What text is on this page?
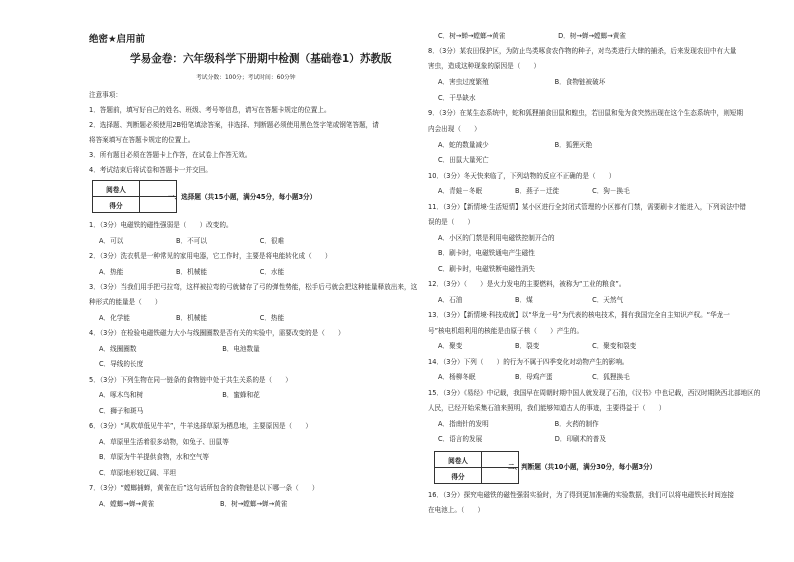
绝密★启用前
学易金卷：六年级科学下册期中检测（基础卷1）苏教版
考试分数：100分；考试时间：60分钟
注意事项：
1．答题前，填写好自己的姓名、班级、考号等信息，请写在答题卡规定的位置上。
2．选择题、判断题必须使用2B铅笔填涂答案，非选择、判断题必须使用黑色签字笔或钢笔答题，请
将答案填写在答题卡规定的位置上。
3．所有题目必须在答题卡上作答，在试卷上作答无效。
4．考试结束后将试卷和答题卡一并交回。
阅卷人	
得分	
一、选择题（共15小题，满分45分，每小题3分）
1．（3分）电磁铁的磁性强弱是（　　）改变的。
A．可以　　　　　　　　B．不可以　　　　　　　　C．很难
2．（3分）洗衣机是一种常见的家用电器，它工作时，主要是将电能转化成（　　）
A．热能　　　　　　　　B．机械能　　　　　　　　C．水能
3．（3分）当我们用手把弓拉弯，这样被拉弯的弓就储存了弓的弹性势能，松手后弓就会把这种能量释放出来，这
种形式的能量是（　　）
A．化学能　　　　　　　B．机械能　　　　　　　　C．热能
4．（3分）在检验电磁铁磁力大小与线圈圈数是否有关的实验中，需要改变的是（　　）
A．线圈圈数　　　　　　　　　　　　　B．电池数量
C．导线的长度
5．（3分）下列生物在同一链条的食物链中处于共生关系的是（　　）
A．啄木鸟和树　　　　　　　　　　　　B．蜜蜂和花
C．狮子和斑马
6．（3分）“风吹草低见牛羊”，牛羊选择草原为栖息地，主要原因是（　　）
A．草原里生活着很多动物，如兔子、田鼠等
B．草原为牛羊提供食物，水和空气等
C．草原地形较辽阔、平坦
7．（3分）“螳螂捕蝉，黄雀在后”这句话所包含的食物链是以下哪一条（　　）
A．螳螂→蝉→黄雀　　　　　　　　　　B．树→螳螂→蝉→黄雀
C．树→蝉→螳螂→黄雀　　　　　　　　D．树→蝉→螳螂→黄雀
8．（3分）某农田保护区，为防止鸟类啄食农作物的种子，对鸟类进行大肆的捕杀，后来发现农田中有大量
害虫，造成这种现象的原因是（　　）
A．害虫过度繁殖　　　　　　　　　　B．食物链被破坏
C．干旱缺水
9．（3分）在某生态系统中，蛇和狐狸捕食田鼠和蝗虫，若田鼠和兔为食突然出现在这个生态系统中，则短期
内会出现（　　）
A．蛇的数量减少　　　　　　　　　　B．狐狸灭绝
C．田鼠大量死亡
10．（3分）冬天快来临了，下列动物的反应不正确的是（　　）
A．青蛙－冬眠　　　　　B．燕子－迁徙　　　　　C．狗－换毛
11．（3分）【新情境·生活短情】某小区进行全封闭式管理的小区都有门禁，需要刷卡才能进入，下列说法中错
误的是（　　）
A．小区的门禁是利用电磁铁控制开合的
B．刷卡时，电磁铁通电产生磁性
C．刷卡时，电磁铁断电磁性消失
12．（3分）（　　）是火力发电的主要燃料，被称为“工业的粮食”。
A．石油　　　　　　　　B．煤　　　　　　　　　C．天然气
13．（3分）【新情境·科技成就】以“华龙一号”为代表的核电技术，拥有我国完全自主知识产权。“华龙一
号”核电机组利用的核能是由原子核（　　）产生的。
A．聚变　　　　　　　　B．裂变　　　　　　　　C．聚变和裂变
14．（3分）下列（　　）的行为不属于四季变化对动物产生的影响。
A．杨柳冬眠　　　　　　B．母鸡产蛋　　　　　　C．狐狸换毛
15．（3分）《易经》中记载，我国早在周朝时期中国人就发现了石油，《汉书》中也记载，西汉时期陕西北部地区的
人民，已经开始采集石油来照明，我们能够知道古人的事迹，主要得益于（　　）
A．指南针的发明　　　　　　　　　　B．火药的制作
C．语言的发展　　　　　　　　　　　D．印刷术的普及
阅卷人	
得分	
二、判断题（共10小题，满分30分，每小题3分）
16．（3分）探究电磁铁的磁性强弱实验时，为了得到更加准确的实验数据，我们可以将电磁铁长时间连接
在电池上。（　　）
